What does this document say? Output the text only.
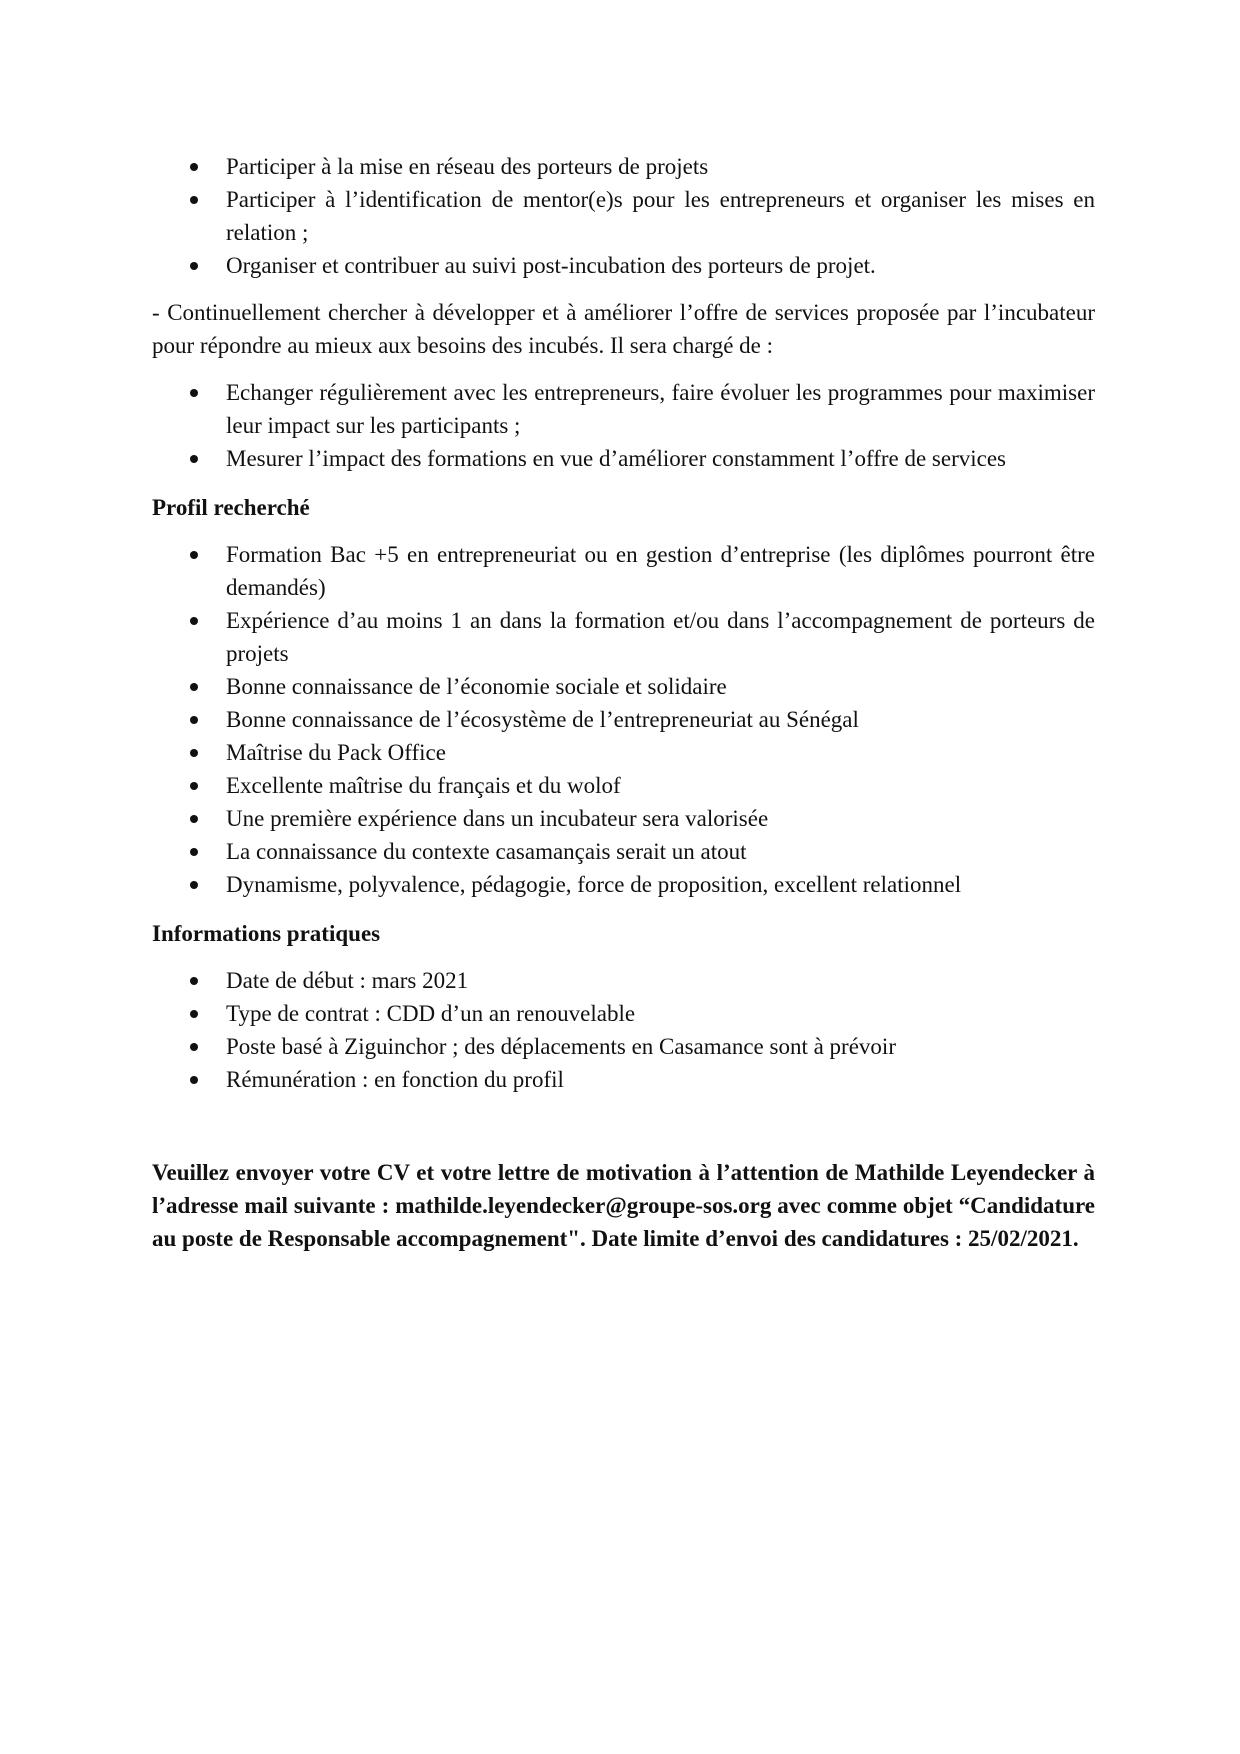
Participer à la mise en réseau des porteurs de projets
Participer à l’identification de mentor(e)s pour les entrepreneurs et organiser les mises en relation ;
Organiser et contribuer au suivi post-incubation des porteurs de projet.

- Continuellement chercher à développer et à améliorer l’offre de services proposée par l’incubateur pour répondre au mieux aux besoins des incubés. Il sera chargé de :

Echanger régulièrement avec les entrepreneurs, faire évoluer les programmes pour maximiser leur impact sur les participants ;
Mesurer l’impact des formations en vue d’améliorer constamment l’offre de services

Profil recherché

Formation Bac +5 en entrepreneuriat ou en gestion d’entreprise (les diplômes pourront être demandés)
Expérience d’au moins 1 an dans la formation et/ou dans l’accompagnement de porteurs de projets
Bonne connaissance de l’économie sociale et solidaire
Bonne connaissance de l’écosystème de l’entrepreneuriat au Sénégal
Maîtrise du Pack Office
Excellente maîtrise du français et du wolof
Une première expérience dans un incubateur sera valorisée
La connaissance du contexte casamançais serait un atout
Dynamisme, polyvalence, pédagogie, force de proposition, excellent relationnel

Informations pratiques

Date de début : mars 2021
Type de contrat : CDD d’un an renouvelable
Poste basé à Ziguinchor ; des déplacements en Casamance sont à prévoir
Rémunération : en fonction du profil

Veuillez envoyer votre CV et votre lettre de motivation à l’attention de Mathilde Leyendecker à l’adresse mail suivante : mathilde.leyendecker@groupe-sos.org avec comme objet “Candidature au poste de Responsable accompagnement". Date limite d’envoi des candidatures : 25/02/2021.
